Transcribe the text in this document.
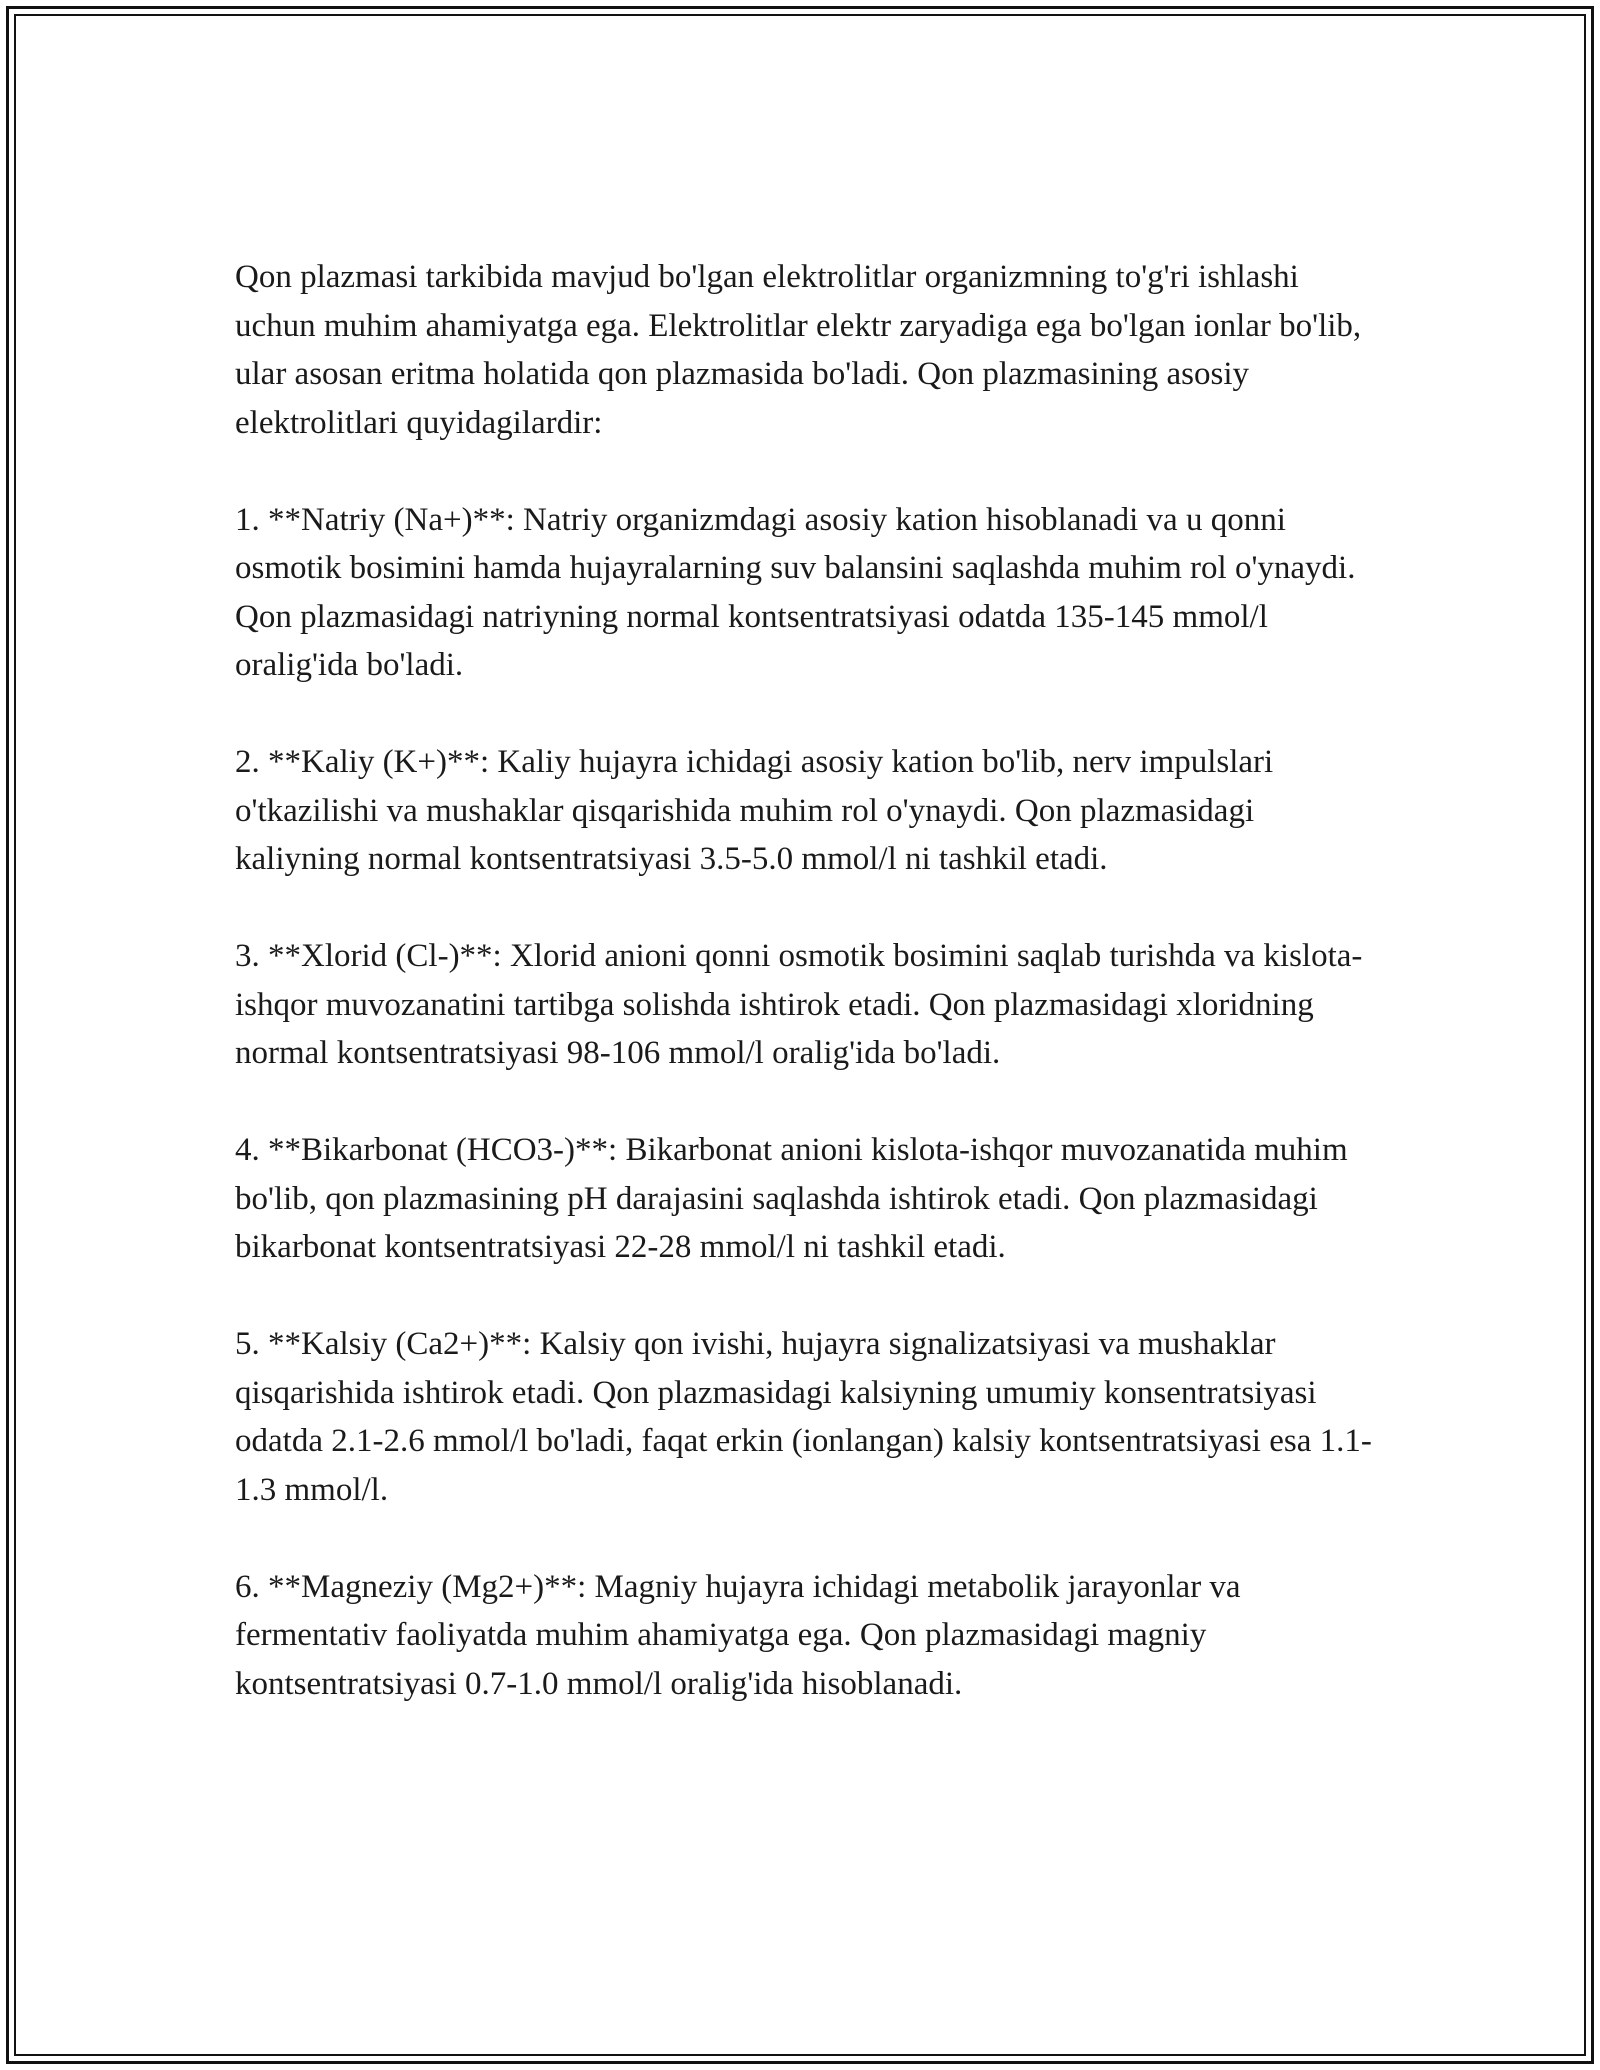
Qon plazmasi tarkibida mavjud bo'lgan elektrolitlar organizmning to'g'ri ishlashi uchun muhim ahamiyatga ega. Elektrolitlar elektr zaryadiga ega bo'lgan ionlar bo'lib, ular asosan eritma holatida qon plazmasida bo'ladi. Qon plazmasining asosiy elektrolitlari quyidagilardir:

1. **Natriy (Na+)**: Natriy organizmdagi asosiy kation hisoblanadi va u qonni osmotik bosimini hamda hujayralarning suv balansini saqlashda muhim rol o'ynaydi. Qon plazmasidagi natriyning normal kontsentratsiyasi odatda 135-145 mmol/l oralig'ida bo'ladi.

2. **Kaliy (K+)**: Kaliy hujayra ichidagi asosiy kation bo'lib, nerv impulslari o'tkazilishi va mushaklar qisqarishida muhim rol o'ynaydi. Qon plazmasidagi kaliyning normal kontsentratsiyasi 3.5-5.0 mmol/l ni tashkil etadi.

3. **Xlorid (Cl-)**: Xlorid anioni qonni osmotik bosimini saqlab turishda va kislota-ishqor muvozanatini tartibga solishda ishtirok etadi. Qon plazmasidagi xloridning normal kontsentratsiyasi 98-106 mmol/l oralig'ida bo'ladi.

4. **Bikarbonat (HCO3-)**: Bikarbonat anioni kislota-ishqor muvozanatida muhim bo'lib, qon plazmasining pH darajasini saqlashda ishtirok etadi. Qon plazmasidagi bikarbonat kontsentratsiyasi 22-28 mmol/l ni tashkil etadi.

5. **Kalsiy (Ca2+)**: Kalsiy qon ivishi, hujayra signalizatsiyasi va mushaklar qisqarishida ishtirok etadi. Qon plazmasidagi kalsiyning umumiy konsentratsiyasi odatda 2.1-2.6 mmol/l bo'ladi, faqat erkin (ionlangan) kalsiy kontsentratsiyasi esa 1.1-1.3 mmol/l.

6. **Magneziy (Mg2+)**: Magniy hujayra ichidagi metabolik jarayonlar va fermentativ faoliyatda muhim ahamiyatga ega. Qon plazmasidagi magniy kontsentratsiyasi 0.7-1.0 mmol/l oralig'ida hisoblanadi.
